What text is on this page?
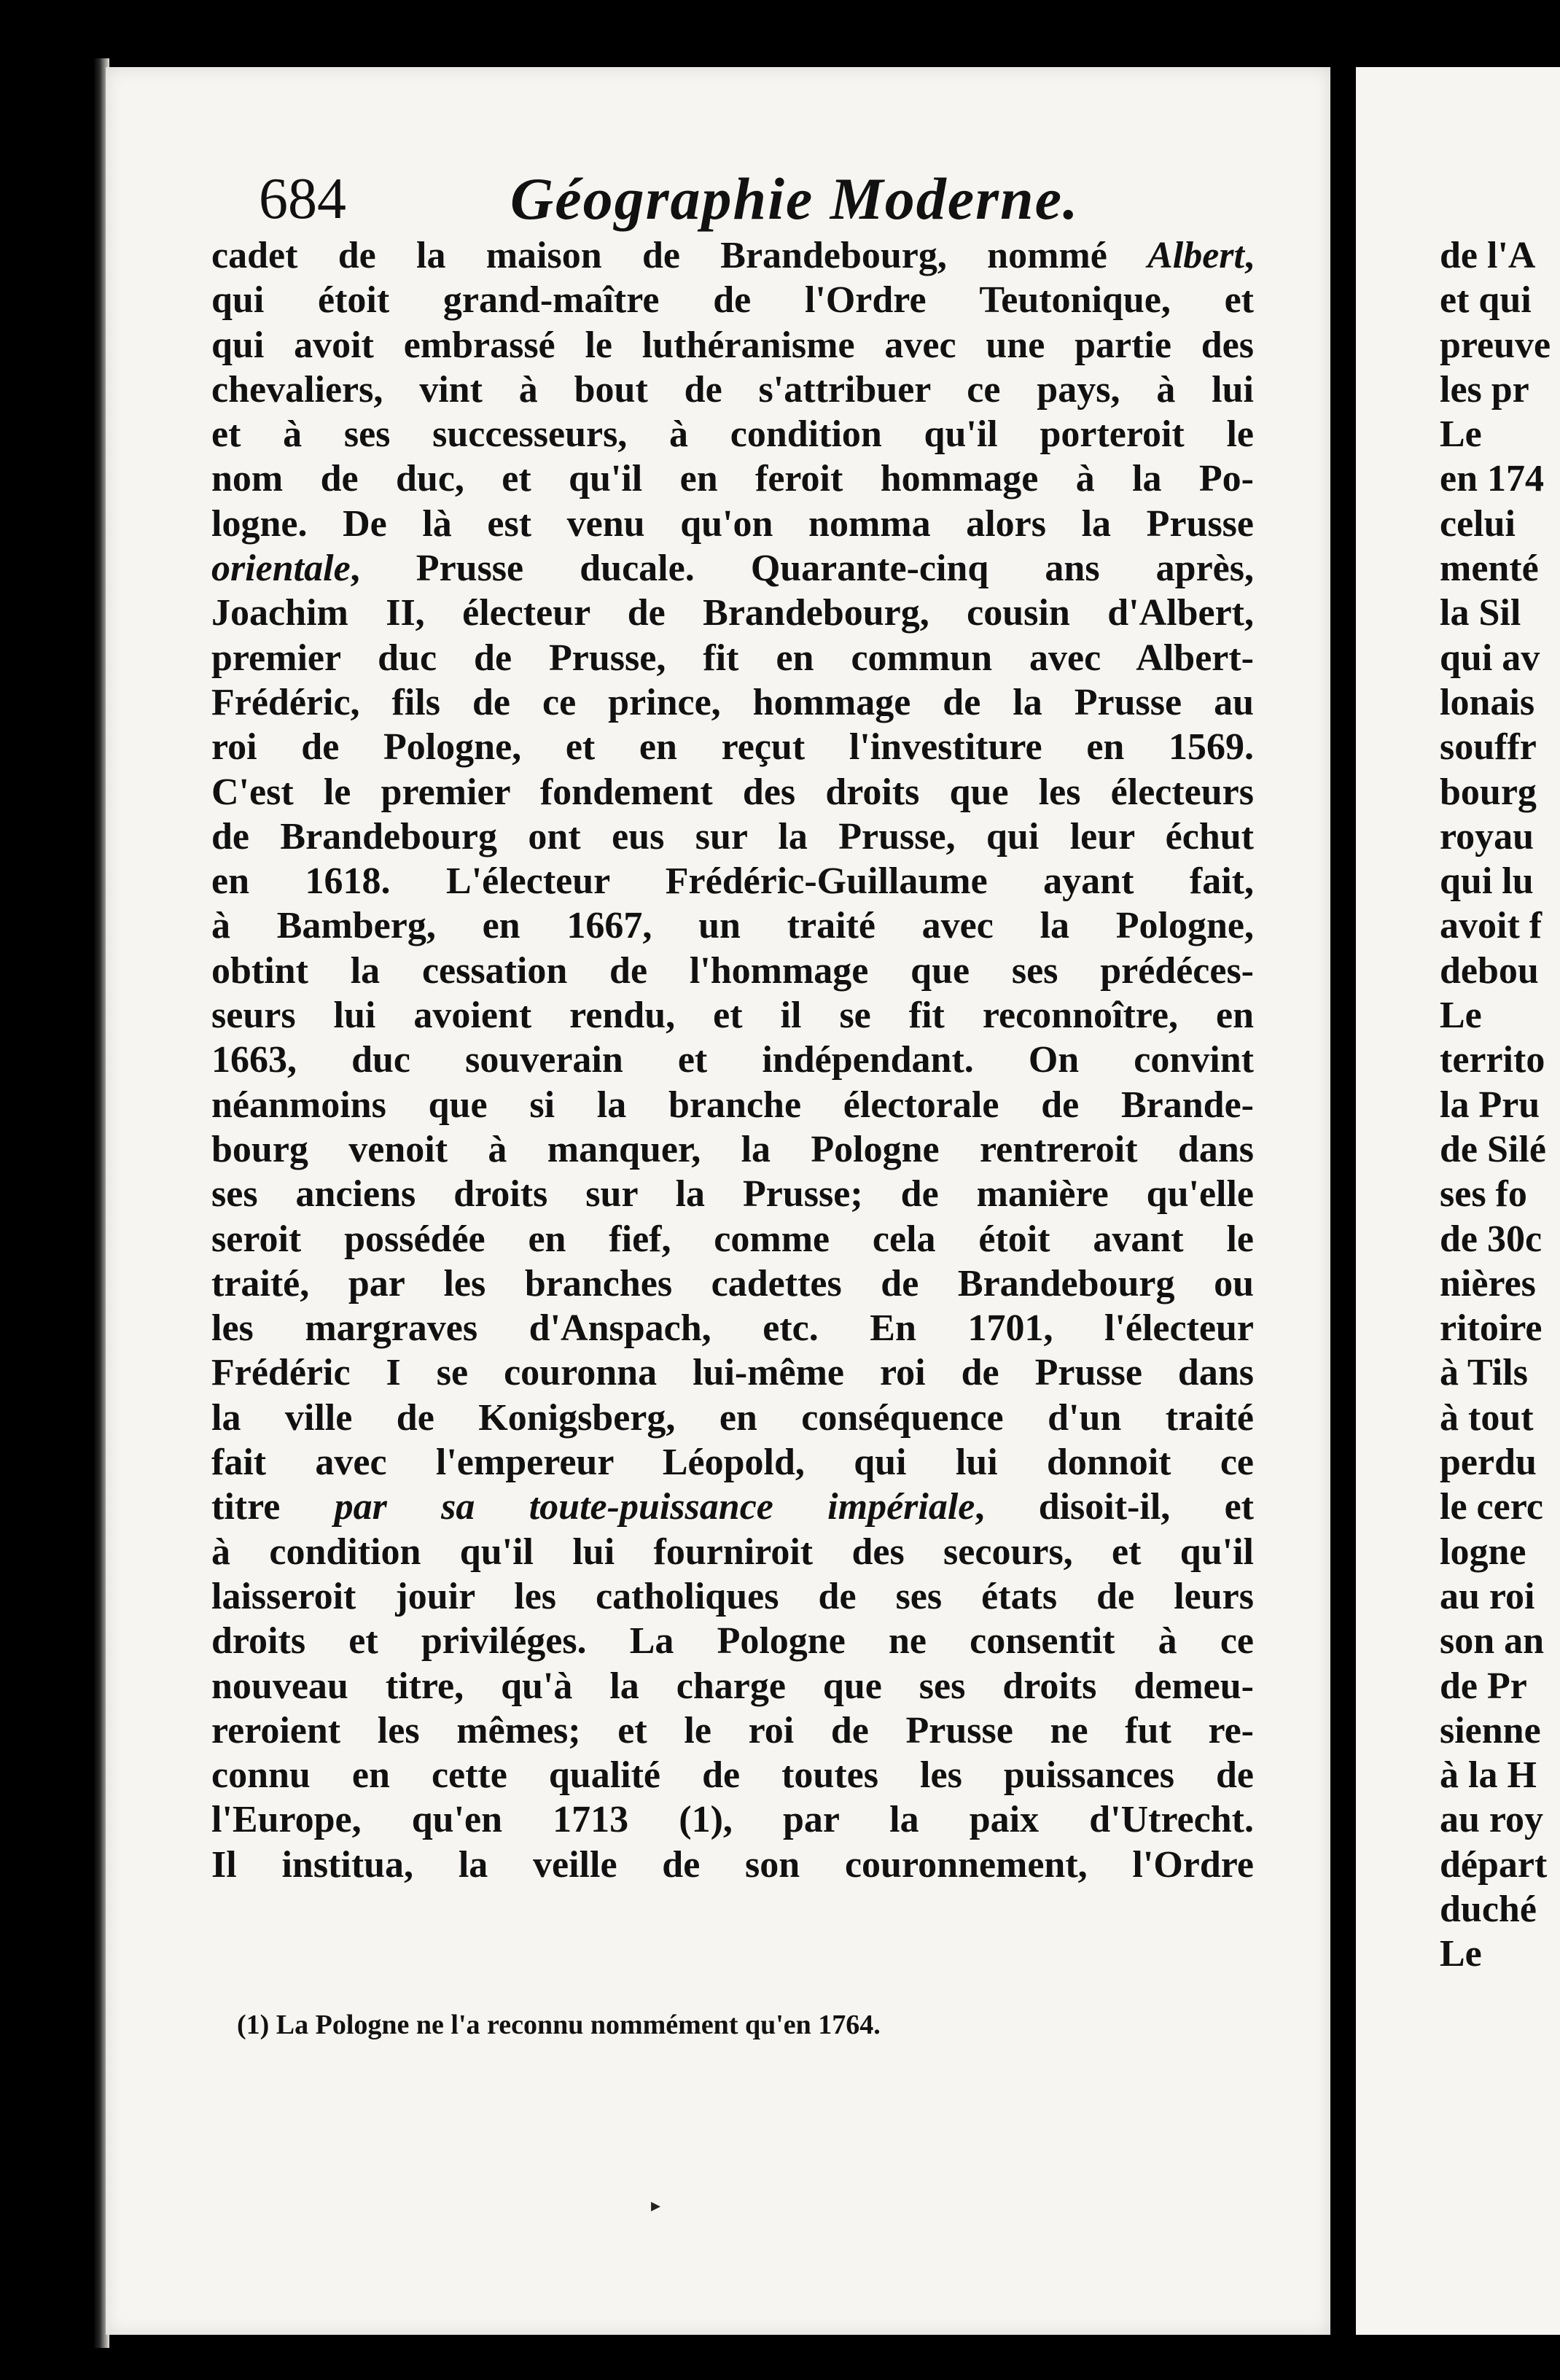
684	Géographie Moderne.
cadet de la maison de Brandebourg, nommé Albert,
qui étoit grand-maître de l'Ordre Teutonique, et
qui avoit embrassé le luthéranisme avec une partie des
chevaliers, vint à bout de s'attribuer ce pays, à lui
et à ses successeurs, à condition qu'il porteroit le
nom de duc, et qu'il en feroit hommage à la Po-
logne. De là est venu qu'on nomma alors la Prusse
orientale, Prusse ducale. Quarante-cinq ans après,
Joachim II, électeur de Brandebourg, cousin d'Albert,
premier duc de Prusse, fit en commun avec Albert-
Frédéric, fils de ce prince, hommage de la Prusse au
roi de Pologne, et en reçut l'investiture en 1569.
C'est le premier fondement des droits que les électeurs
de Brandebourg ont eus sur la Prusse, qui leur échut
en 1618. L'électeur Frédéric-Guillaume ayant fait,
à Bamberg, en 1667, un traité avec la Pologne,
obtint la cessation de l'hommage que ses prédéces-
seurs lui avoient rendu, et il se fit reconnoître, en
1663, duc souverain et indépendant. On convint
néanmoins que si la branche électorale de Brande-
bourg venoit à manquer, la Pologne rentreroit dans
ses anciens droits sur la Prusse; de manière qu'elle
seroit possédée en fief, comme cela étoit avant le
traité, par les branches cadettes de Brandebourg ou
les margraves d'Anspach, etc. En 1701, l'électeur
Frédéric I se couronna lui-même roi de Prusse dans
la ville de Konigsberg, en conséquence d'un traité
fait avec l'empereur Léopold, qui lui donnoit ce
titre par sa toute-puissance impériale, disoit-il, et
à condition qu'il lui fourniroit des secours, et qu'il
laisseroit jouir les catholiques de ses états de leurs
droits et priviléges. La Pologne ne consentit à ce
nouveau titre, qu'à la charge que ses droits demeu-
reroient les mêmes; et le roi de Prusse ne fut re-
connu en cette qualité de toutes les puissances de
l'Europe, qu'en 1713 (1), par la paix d'Utrecht.
Il institua, la veille de son couronnement, l'Ordre
(1) La Pologne ne l'a reconnu nommément qu'en 1764.
▸
de l'A
et qui
preuve
les pr
Le
en 174
celui
menté
la Sil
qui av
lonais
souffr
bourg
royau
qui lu
avoit f
debou
Le
territo
la Pru
de Silé
ses fo
de 30c
nières
ritoire
à Tils
à tout
perdu
le cerc
logne
au roi
son an
de Pr
sienne
à la H
au roy
départ
duché
Le
